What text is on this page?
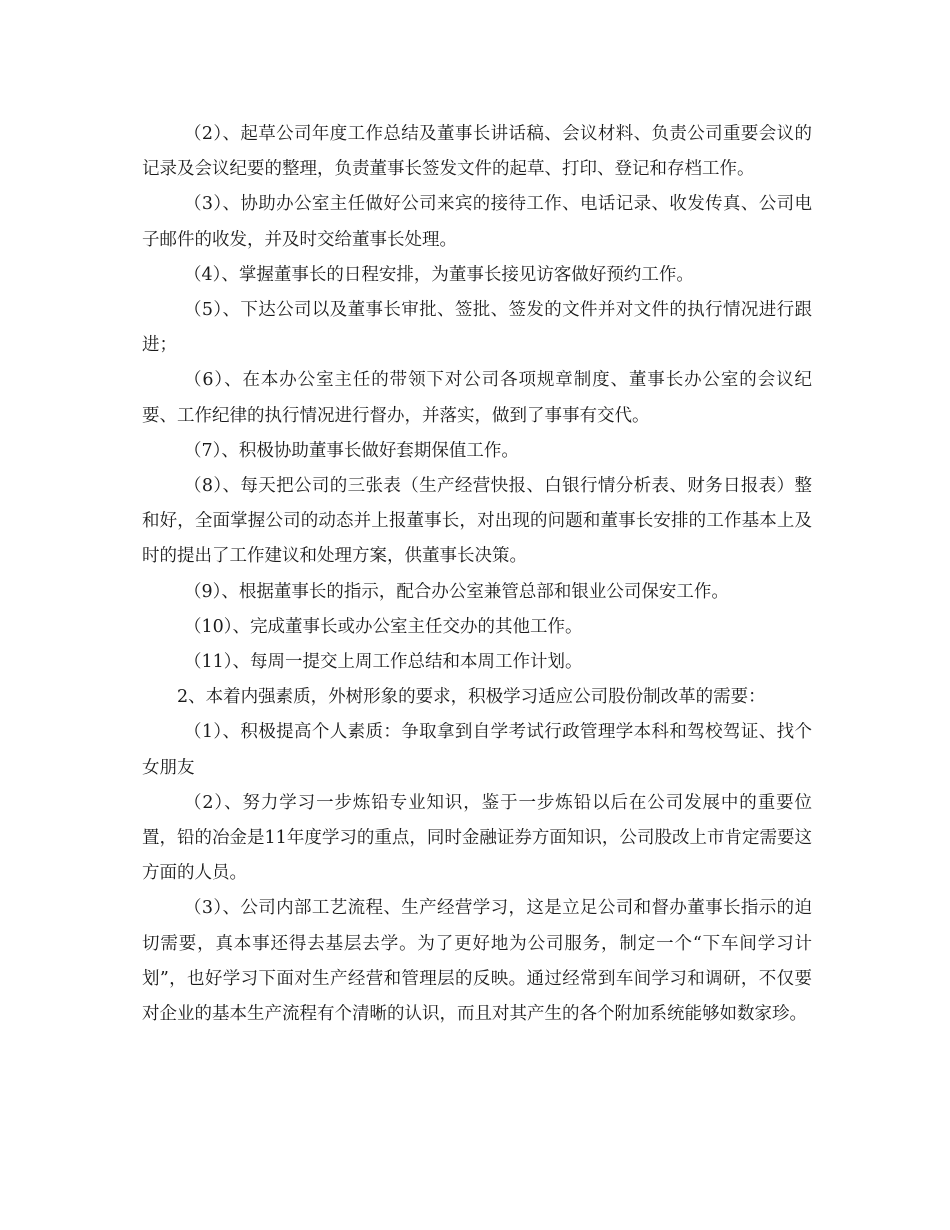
（2）、起草公司年度工作总结及董事长讲话稿、会议材料、负责公司重要会议的记录及会议纪要的整理，负责董事长签发文件的起草、打印、登记和存档工作。

（3）、协助办公室主任做好公司来宾的接待工作、电话记录、收发传真、公司电子邮件的收发，并及时交给董事长处理。

（4）、掌握董事长的日程安排，为董事长接见访客做好预约工作。

（5）、下达公司以及董事长审批、签批、签发的文件并对文件的执行情况进行跟进；

（6）、在本办公室主任的带领下对公司各项规章制度、董事长办公室的会议纪要、工作纪律的执行情况进行督办，并落实，做到了事事有交代。

（7）、积极协助董事长做好套期保值工作。

（8）、每天把公司的三张表（生产经营快报、白银行情分析表、财务日报表）整和好，全面掌握公司的动态并上报董事长，对出现的问题和董事长安排的工作基本上及时的提出了工作建议和处理方案，供董事长决策。

（9）、根据董事长的指示，配合办公室兼管总部和银业公司保安工作。

（10）、完成董事长或办公室主任交办的其他工作。

（11）、每周一提交上周工作总结和本周工作计划。

2、本着内强素质，外树形象的要求，积极学习适应公司股份制改革的需要：

（1）、积极提高个人素质：争取拿到自学考试行政管理学本科和驾校驾证、找个女朋友

（2）、努力学习一步炼铅专业知识，鉴于一步炼铅以后在公司发展中的重要位置，铅的冶金是11年度学习的重点，同时金融证券方面知识，公司股改上市肯定需要这方面的人员。

（3）、公司内部工艺流程、生产经营学习，这是立足公司和督办董事长指示的迫切需要，真本事还得去基层去学。为了更好地为公司服务，制定一个“下车间学习计划”，也好学习下面对生产经营和管理层的反映。通过经常到车间学习和调研，不仅要对企业的基本生产流程有个清晰的认识，而且对其产生的各个附加系统能够如数家珍。
